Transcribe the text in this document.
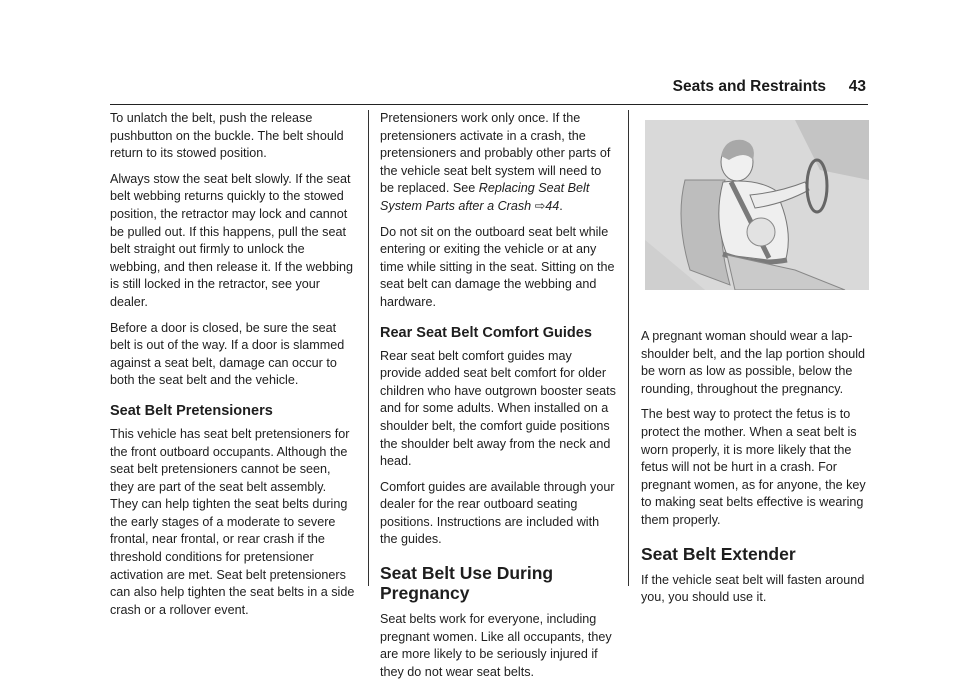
Seats and Restraints 43

To unlatch the belt, push the release pushbutton on the buckle. The belt should return to its stowed position.

Always stow the seat belt slowly. If the seat belt webbing returns quickly to the stowed position, the retractor may lock and cannot be pulled out. If this happens, pull the seat belt straight out firmly to unlock the webbing, and then release it. If the webbing is still locked in the retractor, see your dealer.

Before a door is closed, be sure the seat belt is out of the way. If a door is slammed against a seat belt, damage can occur to both the seat belt and the vehicle.

Seat Belt Pretensioners

This vehicle has seat belt pretensioners for the front outboard occupants. Although the seat belt pretensioners cannot be seen, they are part of the seat belt assembly. They can help tighten the seat belts during the early stages of a moderate to severe frontal, near frontal, or rear crash if the threshold conditions for pretensioner activation are met. Seat belt pretensioners can also help tighten the seat belts in a side crash or a rollover event.

Pretensioners work only once. If the pretensioners activate in a crash, the pretensioners and probably other parts of the vehicle seat belt system will need to be replaced. See Replacing Seat Belt System Parts after a Crash ⇨44.

Do not sit on the outboard seat belt while entering or exiting the vehicle or at any time while sitting in the seat. Sitting on the seat belt can damage the webbing and hardware.

Rear Seat Belt Comfort Guides

Rear seat belt comfort guides may provide added seat belt comfort for older children who have outgrown booster seats and for some adults. When installed on a shoulder belt, the comfort guide positions the shoulder belt away from the neck and head.

Comfort guides are available through your dealer for the rear outboard seating positions. Instructions are included with the guides.

Seat Belt Use During Pregnancy

Seat belts work for everyone, including pregnant women. Like all occupants, they are more likely to be seriously injured if they do not wear seat belts.

A pregnant woman should wear a lap-shoulder belt, and the lap portion should be worn as low as possible, below the rounding, throughout the pregnancy.

The best way to protect the fetus is to protect the mother. When a seat belt is worn properly, it is more likely that the fetus will not be hurt in a crash. For pregnant women, as for anyone, the key to making seat belts effective is wearing them properly.

Seat Belt Extender

If the vehicle seat belt will fasten around you, you should use it.
